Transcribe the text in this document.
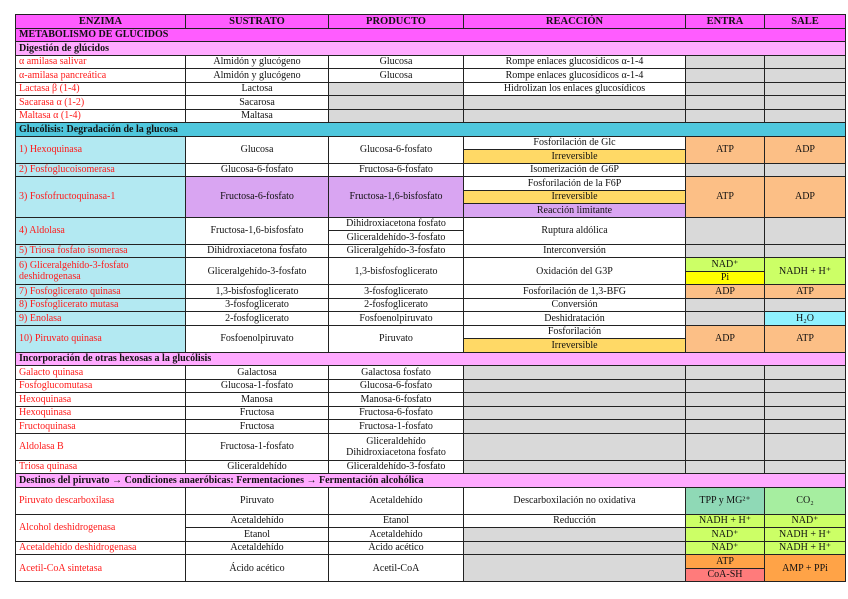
ENZIMA	SUSTRATO	PRODUCTO	REACCIÓN	ENTRA	SALE
METABOLISMO DE GLÚCIDOS					
Digestión de glúcidos					
α amilasa salivar	Almidón y glucógeno	Glucosa	Rompe enlaces glucosídicos α-1-4		
α-amilasa pancreática	Almidón y glucógeno	Glucosa	Rompe enlaces glucosídicos α-1-4		
Lactasa β (1-4)	Lactosa		Hidrolizan los enlaces glucosídicos		
Sacarasa α (1-2)	Sacarosa				
Maltasa α (1-4)	Maltasa				
Glucólisis: Degradación de la glucosa					
1) Hexoquinasa	Glucosa	Glucosa-6-fosfato	Fosforilación de Glc	ATP	ADP
			Irreversible		
2) Fosfoglucoisomerasa	Glucosa-6-fosfato	Fructosa-6-fosfato	Isomerización de G6P		
3) Fosfofructoquinasa-1	Fructosa-6-fosfato	Fructosa-1,6-bisfosfato	Fosforilación de la F6P	ATP	ADP
			Irreversible		
			Reacción limitante		
4) Aldolasa	Fructosa-1,6-bisfosfato	Dihidroxiacetona fosfato	Ruptura aldólica		
		Gliceraldehído-3-fosfato			
5) Triosa fosfato isomerasa	Dihidroxiacetona fosfato	Gliceralgehído-3-fosfato	Interconversión		
6) Gliceralgehído-3-fosfato
deshidrogenasa	Gliceralgehído-3-fosfato	1,3-bisfosfoglicerato	Oxidación del G3P	NAD⁺	NADH + H⁺
				Pi	
7) Fosfoglicerato quinasa	1,3-bisfosfoglicerato	3-fosfoglicerato	Fosforilación de 1,3-BFG	ADP	ATP
8) Fosfoglicerato mutasa	3-fosfoglicerato	2-fosfoglicerato	Conversión		
9) Enolasa	2-fosfoglicerato	Fosfoenolpiruvato	Deshidratación		H₂O
10) Piruvato quinasa	Fosfoenolpiruvato	Piruvato	Fosforilación	ADP	ATP
			Irreversible		
Incorporación de otras hexosas a la glucólisis					
Galacto quinasa	Galactosa	Galactosa fosfato			
Fosfoglucomutasa	Glucosa-1-fosfato	Glucosa-6-fosfato			
Hexoquinasa	Manosa	Manosa-6-fosfato			
Hexoquinasa	Fructosa	Fructosa-6-fosfato			
Fructoquinasa	Fructosa	Fructosa-1-fosfato			
Aldolasa B	Fructosa-1-fosfato	Gliceraldehído
Dihidroxiacetona fosfato			

Triosa quinasa	Gliceraldehído	Gliceraldehído-3-fosfato			
Destinos del piruvato → Condiciones anaeróbicas: Fermentaciones → Fermentación alcohólica					
Piruvato descarboxilasa	Piruvato	Acetaldehído	Descarboxilación no oxidativa	TPP y MG²⁺	CO₂

Alcohol deshidrogenasa	Acetaldehído	Etanol	Reducción	NADH + H⁺	NAD⁺
	Etanol	Acetaldehído		NAD⁺	NADH + H⁺
Acetaldehído deshidrogenasa	Acetaldehído	Ácido acético		NAD⁺	NADH + H⁺
Acetil-CoA sintetasa	Ácido acético	Acetil-CoA		ATP	AMP + PPi
				CoA-SH	
